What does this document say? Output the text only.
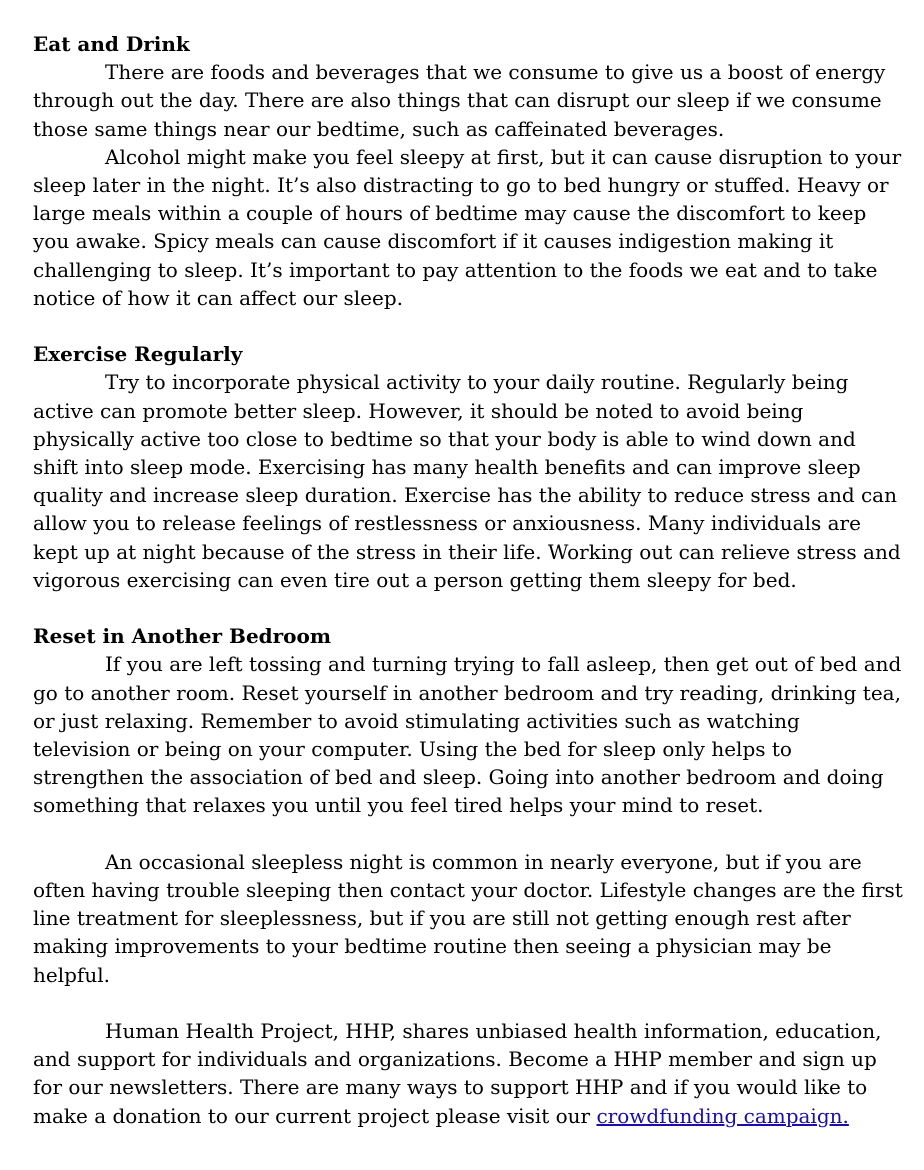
Eat and Drink

There are foods and beverages that we consume to give us a boost of energy through out the day. There are also things that can disrupt our sleep if we consume those same things near our bedtime, such as caffeinated beverages.

Alcohol might make you feel sleepy at first, but it can cause disruption to your sleep later in the night. It’s also distracting to go to bed hungry or stuffed. Heavy or large meals within a couple of hours of bedtime may cause the discomfort to keep you awake. Spicy meals can cause discomfort if it causes indigestion making it challenging to sleep. It’s important to pay attention to the foods we eat and to take notice of how it can affect our sleep.

Exercise Regularly

Try to incorporate physical activity to your daily routine. Regularly being active can promote better sleep. However, it should be noted to avoid being physically active too close to bedtime so that your body is able to wind down and shift into sleep mode. Exercising has many health benefits and can improve sleep quality and increase sleep duration. Exercise has the ability to reduce stress and can allow you to release feelings of restlessness or anxiousness. Many individuals are kept up at night because of the stress in their life. Working out can relieve stress and vigorous exercising can even tire out a person getting them sleepy for bed.

Reset in Another Bedroom

If you are left tossing and turning trying to fall asleep, then get out of bed and go to another room. Reset yourself in another bedroom and try reading, drinking tea, or just relaxing. Remember to avoid stimulating activities such as watching television or being on your computer. Using the bed for sleep only helps to strengthen the association of bed and sleep. Going into another bedroom and doing something that relaxes you until you feel tired helps your mind to reset.

An occasional sleepless night is common in nearly everyone, but if you are often having trouble sleeping then contact your doctor. Lifestyle changes are the first line treatment for sleeplessness, but if you are still not getting enough rest after making improvements to your bedtime routine then seeing a physician may be helpful.

Human Health Project, HHP, shares unbiased health information, education, and support for individuals and organizations. Become a HHP member and sign up for our newsletters. There are many ways to support HHP and if you would like to make a donation to our current project please visit our crowdfunding campaign.
